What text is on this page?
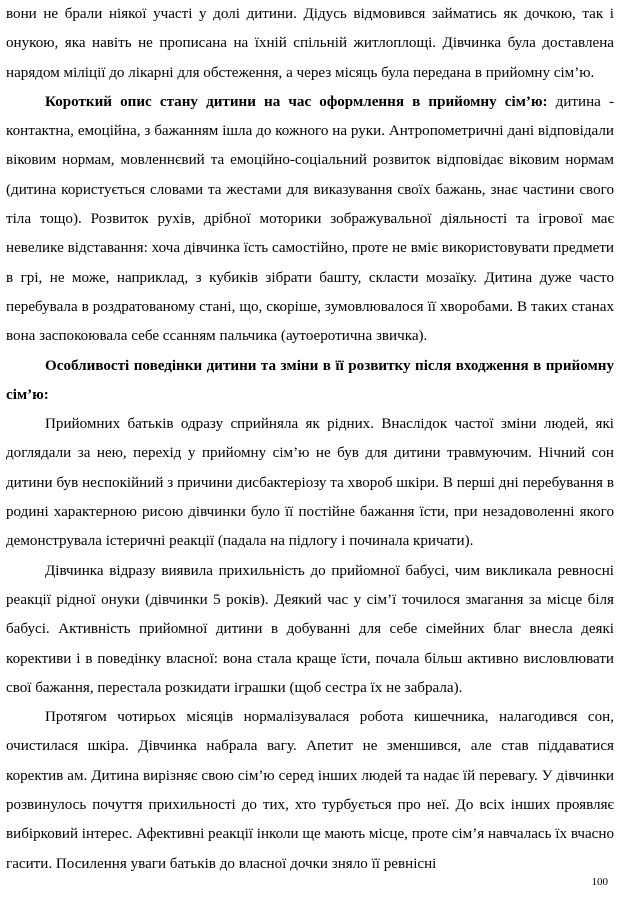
вони не брали ніякої участі у долі дитини. Дідусь відмовився займатись як дочкою, так і онукою, яка навіть не прописана на їхній спільній житлоплощі. Дівчинка була доставлена нарядом міліції до лікарні для обстеження, а через місяць була передана в прийомну сім’ю.

Короткий опис стану дитини на час оформлення в прийомну сім’ю: дитина - контактна, емоційна, з бажанням ішла до кожного на руки. Антропометричні дані відповідали віковим нормам, мовленнєвий та емоційно-соціальний розвиток відповідає віковим нормам (дитина користується словами та жестами для виказування своїх бажань, знає частини свого тіла тощо). Розвиток рухів, дрібної моторики зображувальної діяльності та ігрової має невелике відставання: хоча дівчинка їсть самостійно, проте не вміє використовувати предмети в грі, не може, наприклад, з кубиків зібрати башту, скласти мозаїку. Дитина дуже часто перебувала в роздратованому стані, що, скоріше, зумовлювалося її хворобами. В таких станах вона заспокоювала себе ссанням пальчика (аутоеротична звичка).

Особливості поведінки дитини та зміни в її розвитку після входження в прийомну сім’ю:

Прийомних батьків одразу сприйняла як рідних. Внаслідок частої зміни людей, які доглядали за нею, перехід у прийомну сім’ю не був для дитини травмуючим. Нічний сон дитини був неспокійний з причини дисбактеріозу та хвороб шкіри. В перші дні перебування в родині характерною рисою дівчинки було її постійне бажання їсти, при незадоволенні якого демонструвала істеричні реакції (падала на підлогу і починала кричати).

Дівчинка відразу виявила прихильність до прийомної бабусі, чим викликала ревносні реакції рідної онуки (дівчинки 5 років). Деякий час у сім’ї точилося змагання за місце біля бабусі. Активність прийомної дитини в добуванні для себе сімейних благ внесла деякі корективи і в поведінку власної: вона стала краще їсти, почала більш активно висловлювати свої бажання, перестала розкидати іграшки (щоб сестра їх не забрала).

Протягом чотирьох місяців нормалізувалася робота кишечника, налагодився сон, очистилася шкіра. Дівчинка набрала вагу. Апетит не зменшився, але став піддаватися коректив ам. Дитина вирізняє свою сім’ю серед інших людей та надає їй перевагу. У дівчинки розвинулось почуття прихильності до тих, хто турбується про неї. До всіх інших проявляє вибірковий інтерес. Афективні реакції інколи ще мають місце, проте сім’я навчалась їх вчасно гасити. Посилення уваги батьків до власної дочки зняло її ревнісні

100
